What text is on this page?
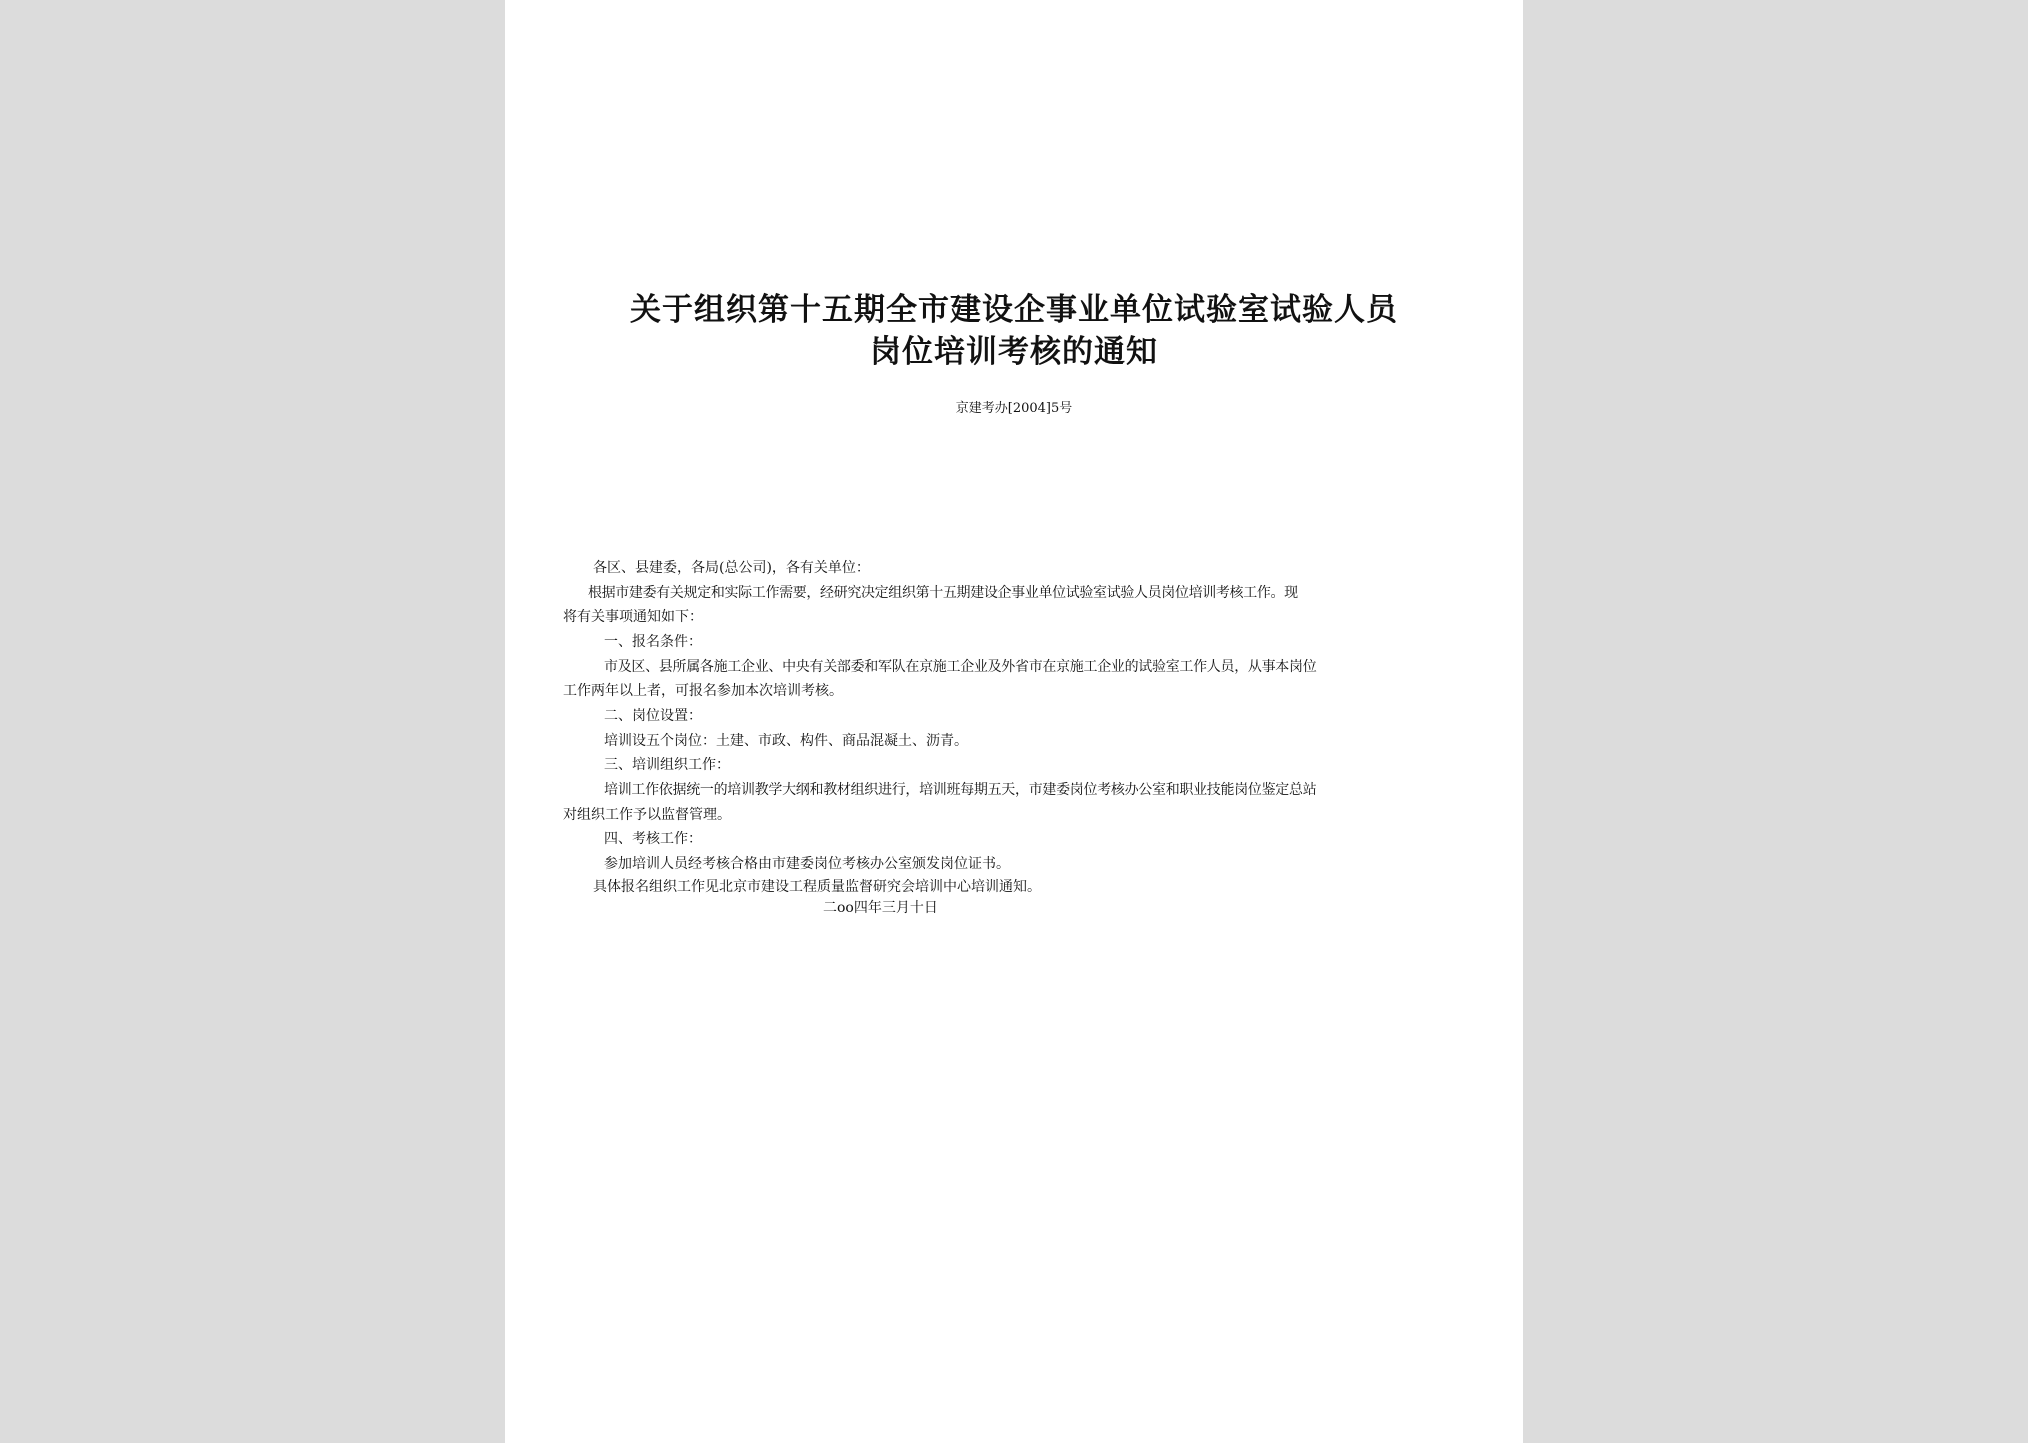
关于组织第十五期全市建设企事业单位试验室试验人员
岗位培训考核的通知
京建考办[2004]5号
各区、县建委，各局(总公司)，各有关单位：
根据市建委有关规定和实际工作需要，经研究决定组织第十五期建设企事业单位试验室试验人员岗位培训考核工作。现
将有关事项通知如下：
一、报名条件：
市及区、县所属各施工企业、中央有关部委和军队在京施工企业及外省市在京施工企业的试验室工作人员，从事本岗位
工作两年以上者，可报名参加本次培训考核。
二、岗位设置：
培训设五个岗位：土建、市政、构件、商品混凝土、沥青。
三、培训组织工作：
培训工作依据统一的培训教学大纲和教材组织进行，培训班每期五天，市建委岗位考核办公室和职业技能岗位鉴定总站
对组织工作予以监督管理。
四、考核工作：
参加培训人员经考核合格由市建委岗位考核办公室颁发岗位证书。
具体报名组织工作见北京市建设工程质量监督研究会培训中心培训通知。
二oo四年三月十日
